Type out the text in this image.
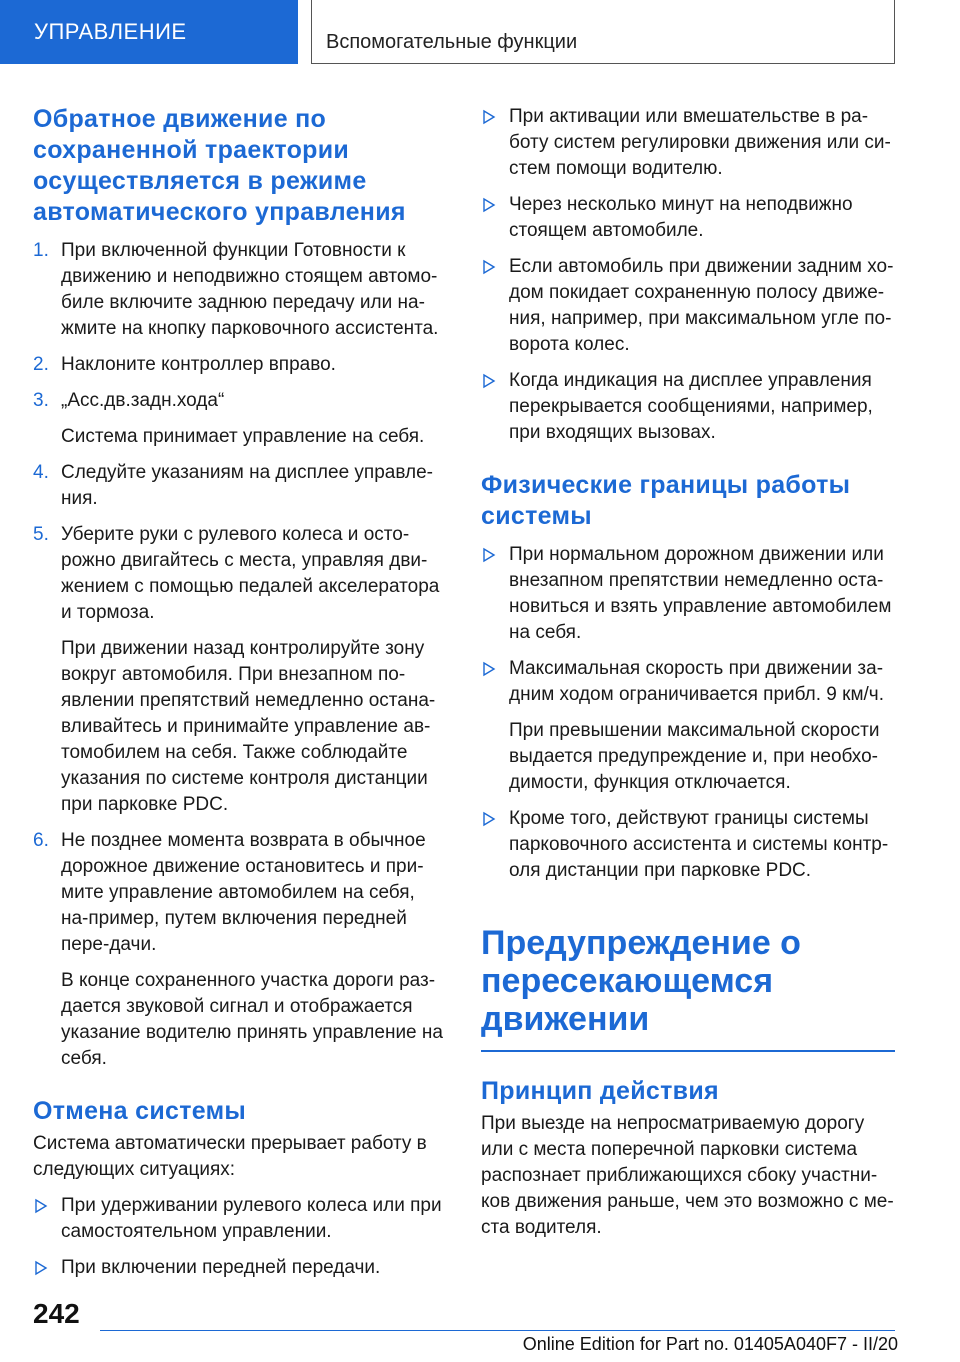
УПРАВЛЕНИЕ	Вспомогательные функции
Обратное движение по сохраненной траектории осуществляется в режиме автоматического управления
1. При включенной функции Готовности к движению и неподвижно стоящем автомо-биле включите заднюю передачу или на-жмите на кнопку парковочного ассистента.
2. Наклоните контроллер вправо.
3. „Асс.дв.задн.хода“
Система принимает управление на себя.
4. Следуйте указаниям на дисплее управле-ния.
5. Уберите руки с рулевого колеса и осто-рожно двигайтесь с места, управляя дви-жением с помощью педалей акселератора и тормоза.
При движении назад контролируйте зону вокруг автомобиля. При внезапном по-явлении препятствий немедленно остана-вливайтесь и принимайте управление ав-томобилем на себя. Также соблюдайте указания по системе контроля дистанции при парковке PDC.
6. Не позднее момента возврата в обычное дорожное движение остановитесь и при-мите управление автомобилем на себя, на-пример, путем включения передней пере-дачи.
В конце сохраненного участка дороги раз-дается звуковой сигнал и отображается указание водителю принять управление на себя.
Отмена системы

Система автоматически прерывает работу в следующих ситуациях:

При удерживании рулевого колеса или при самостоятельном управлении.
При включении передней передачи.
При активации или вмешательстве в ра-боту систем регулировки движения или си-стем помощи водителю.
Через несколько минут на неподвижно стоящем автомобиле.
Если автомобиль при движении задним хо-дом покидает сохраненную полосу движе-ния, например, при максимальном угле по-ворота колес.
Когда индикация на дисплее управления перекрывается сообщениями, например, при входящих вызовах.
Физические границы работы системы
При нормальном дорожном движении или внезапном препятствии немедленно оста-новиться и взять управление автомобилем на себя.
Максимальная скорость при движении за-дним ходом ограничивается прибл. 9 км/ч.
При превышении максимальной скорости выдается предупреждение и, при необхо-димости, функция отключается.
Кроме того, действуют границы системы парковочного ассистента и системы контр-оля дистанции при парковке PDC.
Предупреждение о пересекающемся движении
Принцип действия

При выезде на непросматриваемую дорогу или с места поперечной парковки система распознает приближающихся сбоку участни-ков движения раньше, чем это возможно с ме-ста водителя.

242
Online Edition for Part no. 01405A040F7 - II/20
